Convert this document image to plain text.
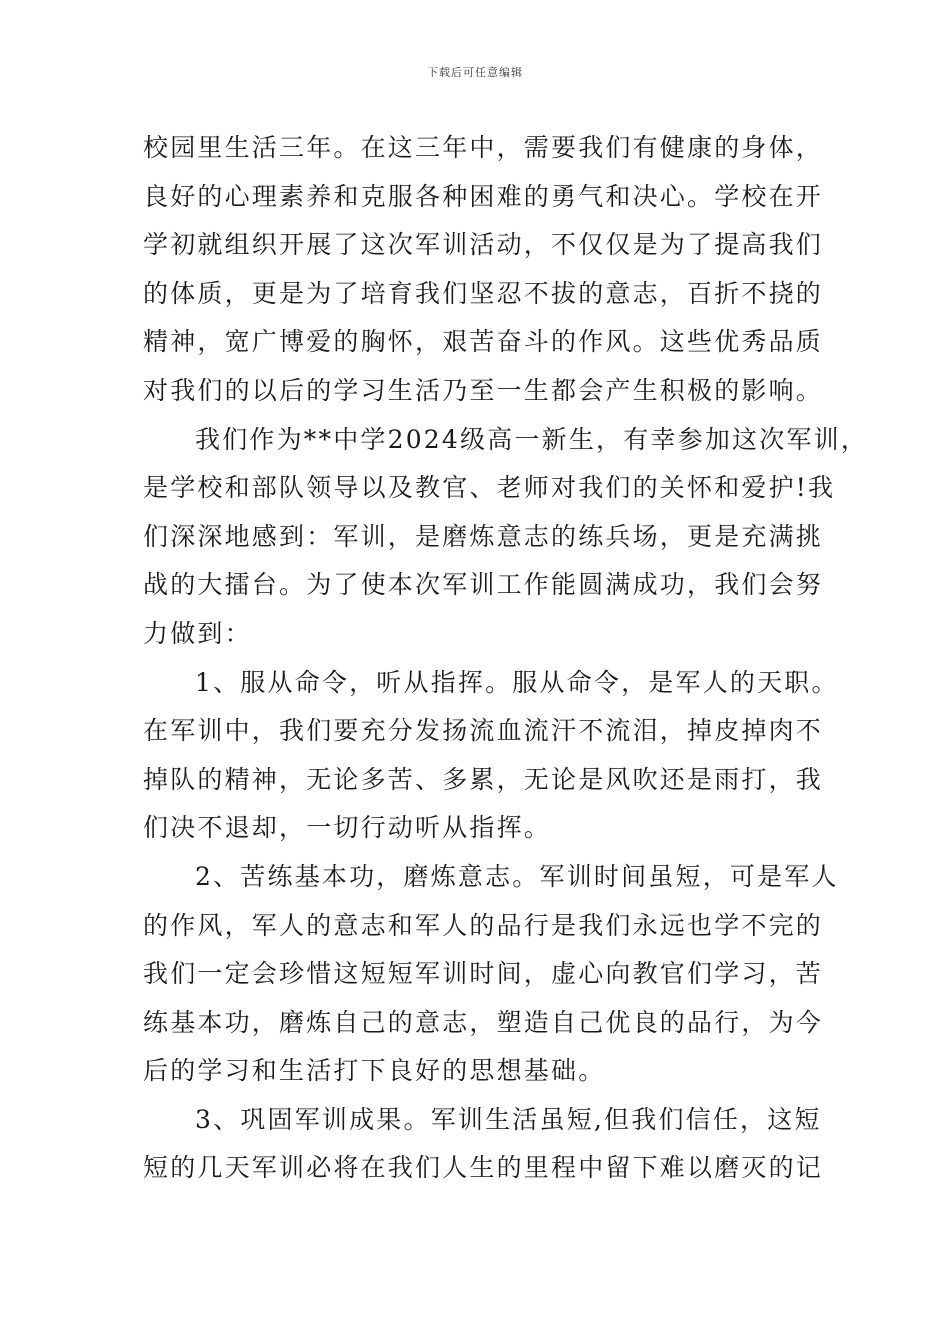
下载后可任意编辑
校园里生活三年。在这三年中，需要我们有健康的身体，
良好的心理素养和克服各种困难的勇气和决心。学校在开
学初就组织开展了这次军训活动，不仅仅是为了提高我们
的体质，更是为了培育我们坚忍不拔的意志，百折不挠的
精神，宽广博爱的胸怀，艰苦奋斗的作风。这些优秀品质
对我们的以后的学习生活乃至一生都会产生积极的影响。
我们作为**中学2024级高一新生，有幸参加这次军训，
是学校和部队领导以及教官、老师对我们的关怀和爱护!我
们深深地感到：军训，是磨炼意志的练兵场，更是充满挑
战的大擂台。为了使本次军训工作能圆满成功，我们会努
力做到：
1、服从命令，听从指挥。服从命令，是军人的天职。
在军训中，我们要充分发扬流血流汗不流泪，掉皮掉肉不
掉队的精神，无论多苦、多累，无论是风吹还是雨打，我
们决不退却，一切行动听从指挥。
2、苦练基本功，磨炼意志。军训时间虽短，可是军人
的作风，军人的意志和军人的品行是我们永远也学不完的
我们一定会珍惜这短短军训时间，虚心向教官们学习，苦
练基本功，磨炼自己的意志，塑造自己优良的品行，为今
后的学习和生活打下良好的思想基础。
3、巩固军训成果。军训生活虽短,但我们信任，这短
短的几天军训必将在我们人生的里程中留下难以磨灭的记
